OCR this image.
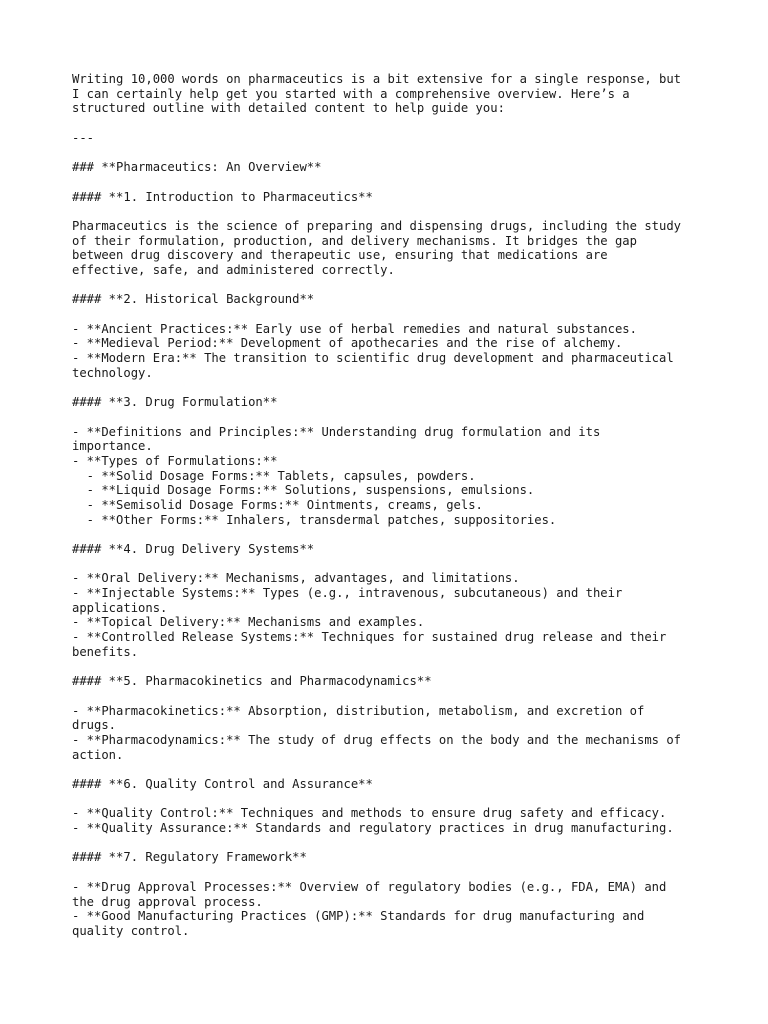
Writing 10,000 words on pharmaceutics is a bit extensive for a single response, but
I can certainly help get you started with a comprehensive overview. Here’s a
structured outline with detailed content to help guide you:
---
### **Pharmaceutics: An Overview**
#### **1. Introduction to Pharmaceutics**
Pharmaceutics is the science of preparing and dispensing drugs, including the study
of their formulation, production, and delivery mechanisms. It bridges the gap
between drug discovery and therapeutic use, ensuring that medications are
effective, safe, and administered correctly.
#### **2. Historical Background**
- **Ancient Practices:** Early use of herbal remedies and natural substances.
- **Medieval Period:** Development of apothecaries and the rise of alchemy.
- **Modern Era:** The transition to scientific drug development and pharmaceutical
technology.
#### **3. Drug Formulation**
- **Definitions and Principles:** Understanding drug formulation and its
importance.
- **Types of Formulations:**
- **Solid Dosage Forms:** Tablets, capsules, powders.
- **Liquid Dosage Forms:** Solutions, suspensions, emulsions.
- **Semisolid Dosage Forms:** Ointments, creams, gels.
- **Other Forms:** Inhalers, transdermal patches, suppositories.
#### **4. Drug Delivery Systems**
- **Oral Delivery:** Mechanisms, advantages, and limitations.
- **Injectable Systems:** Types (e.g., intravenous, subcutaneous) and their
applications.
- **Topical Delivery:** Mechanisms and examples.
- **Controlled Release Systems:** Techniques for sustained drug release and their
benefits.
#### **5. Pharmacokinetics and Pharmacodynamics**
- **Pharmacokinetics:** Absorption, distribution, metabolism, and excretion of
drugs.
- **Pharmacodynamics:** The study of drug effects on the body and the mechanisms of
action.
#### **6. Quality Control and Assurance**
- **Quality Control:** Techniques and methods to ensure drug safety and efficacy.
- **Quality Assurance:** Standards and regulatory practices in drug manufacturing.
#### **7. Regulatory Framework**
- **Drug Approval Processes:** Overview of regulatory bodies (e.g., FDA, EMA) and
the drug approval process.
- **Good Manufacturing Practices (GMP):** Standards for drug manufacturing and
quality control.
